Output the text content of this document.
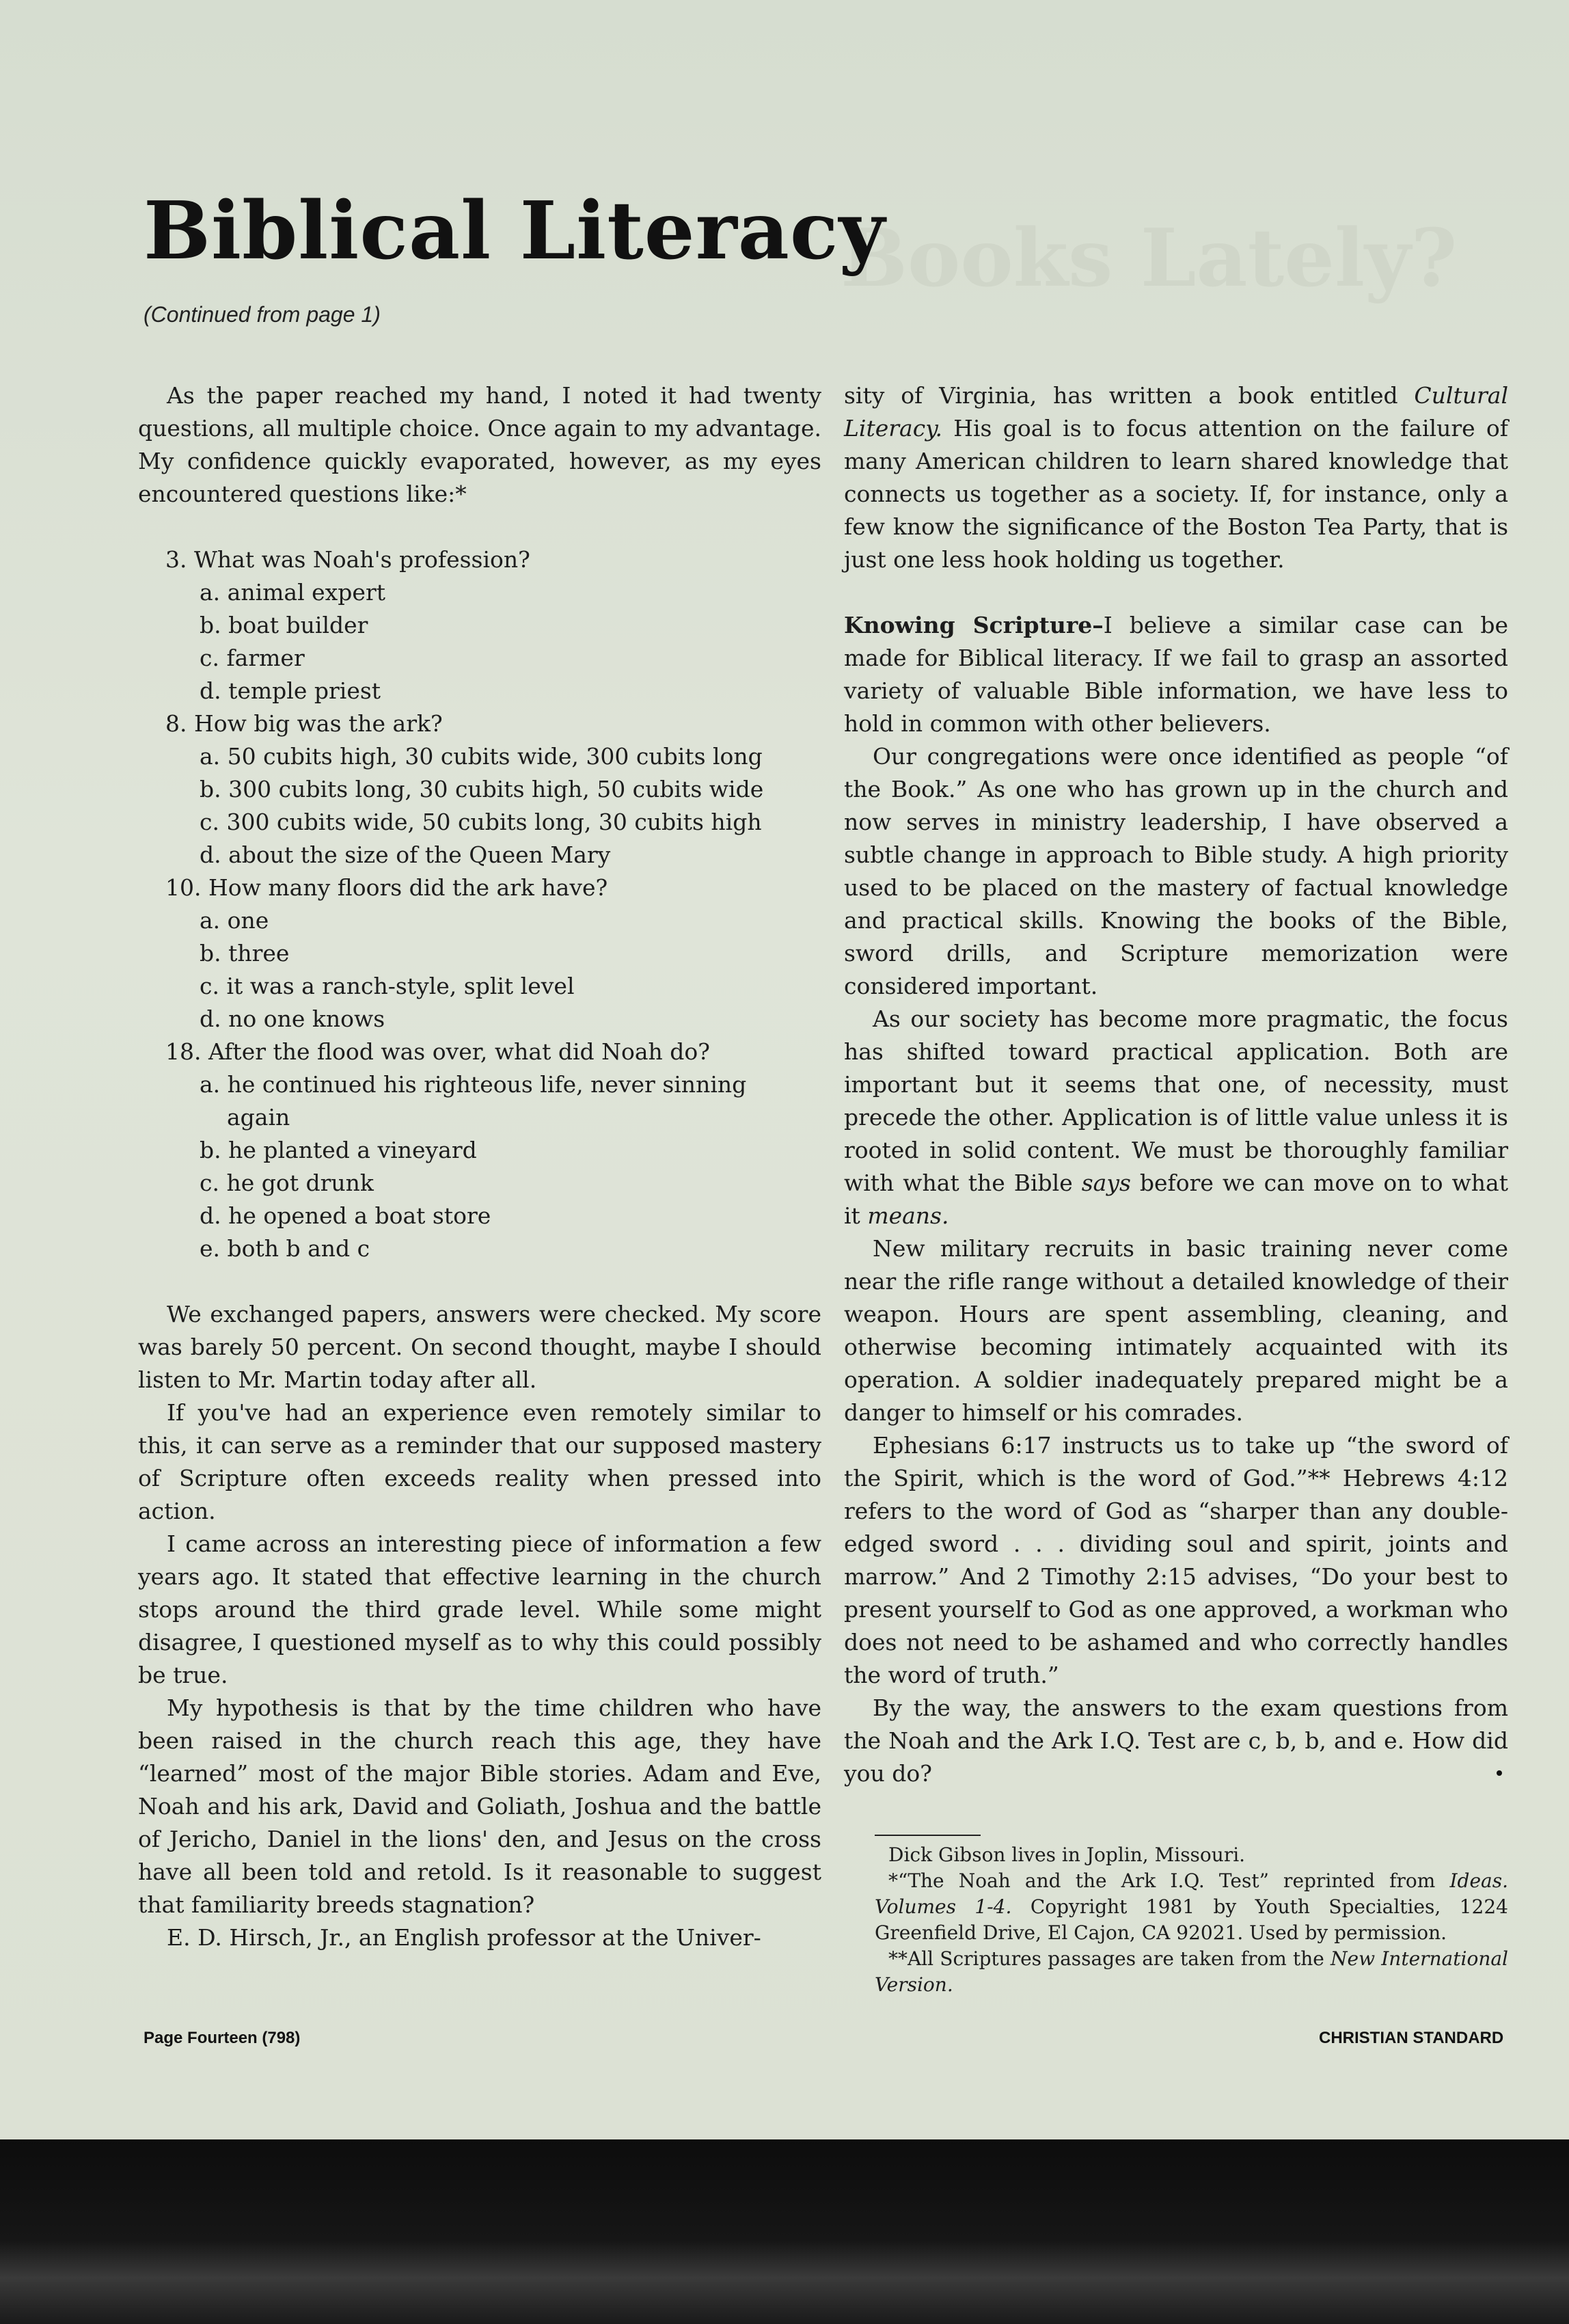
Books Lately?
Biblical Literacy
(Continued from page 1)

As the paper reached my hand, I noted it had twenty questions, all multiple choice. Once again to my advantage. My confidence quickly evaporated, however, as my eyes encountered questions like:*

3. What was Noah's profession?
a. animal expert
b. boat builder
c. farmer
d. temple priest
8. How big was the ark?
a. 50 cubits high, 30 cubits wide, 300 cubits long
b. 300 cubits long, 30 cubits high, 50 cubits wide
c. 300 cubits wide, 50 cubits long, 30 cubits high
d. about the size of the Queen Mary
10. How many floors did the ark have?
a. one
b. three
c. it was a ranch-style, split level
d. no one knows
18. After the flood was over, what did Noah do?
a. he continued his righteous life, never sinning
again
b. he planted a vineyard
c. he got drunk
d. he opened a boat store
e. both b and c

We exchanged papers, answers were checked. My score was barely 50 percent. On second thought, maybe I should listen to Mr. Martin today after all.

If you've had an experience even remotely similar to this, it can serve as a reminder that our supposed mastery of Scripture often exceeds reality when pressed into action.

I came across an interesting piece of information a few years ago. It stated that effective learning in the church stops around the third grade level. While some might disagree, I questioned myself as to why this could possibly be true.

My hypothesis is that by the time children who have been raised in the church reach this age, they have “learned” most of the major Bible stories. Adam and Eve, Noah and his ark, David and Goliath, Joshua and the battle of Jericho, Daniel in the lions' den, and Jesus on the cross have all been told and retold. Is it reasonable to suggest that familiarity breeds stagnation?

E. D. Hirsch, Jr., an English professor at the Univer-

sity of Virginia, has written a book entitled Cultural Literacy. His goal is to focus attention on the failure of many American children to learn shared knowledge that connects us together as a society. If, for instance, only a few know the significance of the Boston Tea Party, that is just one less hook holding us together.

Knowing Scripture–I believe a similar case can be made for Biblical literacy. If we fail to grasp an assorted variety of valuable Bible information, we have less to hold in common with other believers.

Our congregations were once identified as people “of the Book.” As one who has grown up in the church and now serves in ministry leadership, I have observed a subtle change in approach to Bible study. A high priority used to be placed on the mastery of factual knowledge and practical skills. Knowing the books of the Bible, sword drills, and Scripture memorization were considered important.

As our society has become more pragmatic, the focus has shifted toward practical application. Both are important but it seems that one, of necessity, must precede the other. Application is of little value unless it is rooted in solid content. We must be thoroughly familiar with what the Bible says before we can move on to what it means.

New military recruits in basic training never come near the rifle range without a detailed knowledge of their weapon. Hours are spent assembling, cleaning, and otherwise becoming intimately acquainted with its operation. A soldier inadequately prepared might be a danger to himself or his comrades.

Ephesians 6:17 instructs us to take up “the sword of the Spirit, which is the word of God.”** Hebrews 4:12 refers to the word of God as “sharper than any double-edged sword . . . dividing soul and spirit, joints and marrow.” And 2 Timothy 2:15 advises, “Do your best to present yourself to God as one approved, a workman who does not need to be ashamed and who correctly handles the word of truth.”

By the way, the answers to the exam questions from the Noah and the Ark I.Q. Test are c, b, b, and e. How did you do?

Dick Gibson lives in Joplin, Missouri.

*“The Noah and the Ark I.Q. Test” reprinted from Ideas. Volumes 1-4. Copyright 1981 by Youth Specialties, 1224 Greenfield Drive, El Cajon, CA 92021. Used by permission.

**All Scriptures passages are taken from the New International Version.

Page Fourteen (798)	CHRISTIAN STANDARD
